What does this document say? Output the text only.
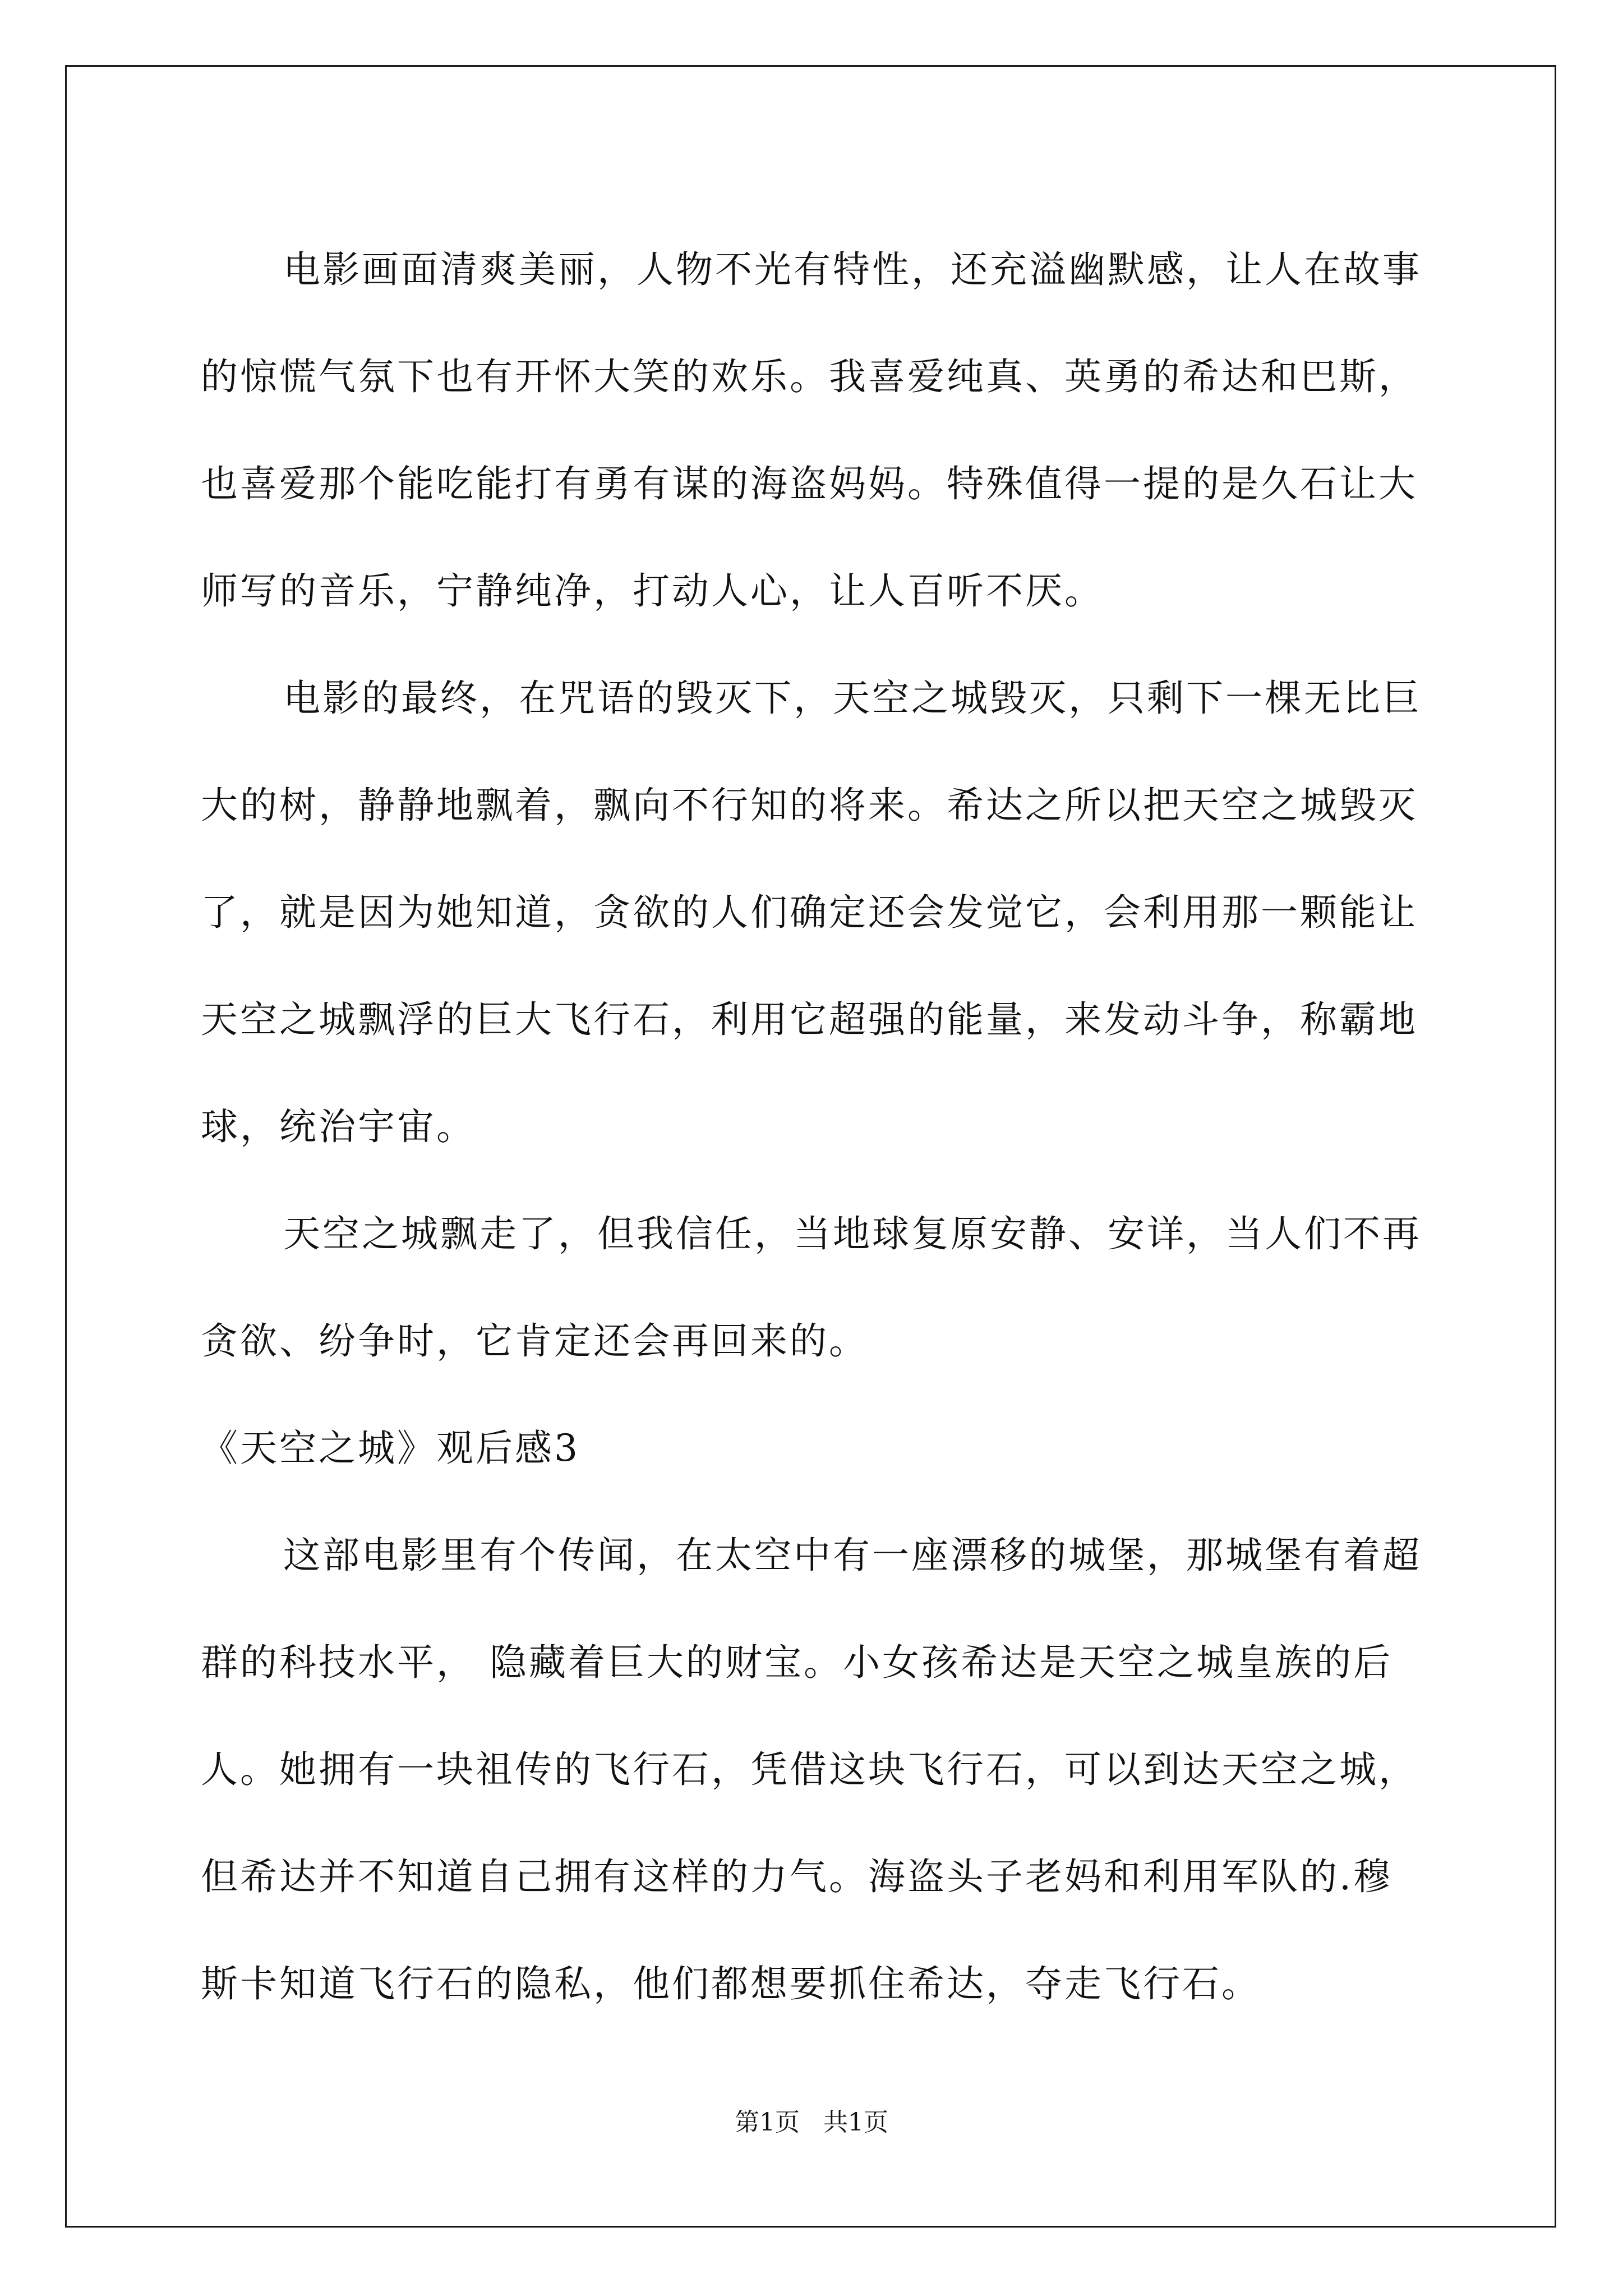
电影画面清爽美丽，人物不光有特性，还充溢幽默感，让人在故事的惊慌气氛下也有开怀大笑的欢乐。我喜爱纯真、英勇的希达和巴斯，也喜爱那个能吃能打有勇有谋的海盗妈妈。特殊值得一提的是久石让大师写的音乐，宁静纯净，打动人心，让人百听不厌。

电影的最终，在咒语的毁灭下，天空之城毁灭，只剩下一棵无比巨大的树，静静地飘着，飘向不行知的将来。希达之所以把天空之城毁灭了，就是因为她知道，贪欲的人们确定还会发觉它，会利用那一颗能让天空之城飘浮的巨大飞行石，利用它超强的能量，来发动斗争，称霸地球，统治宇宙。

天空之城飘走了，但我信任，当地球复原安静、安详，当人们不再贪欲、纷争时，它肯定还会再回来的。

《天空之城》观后感3

这部电影里有个传闻，在太空中有一座漂移的城堡，那城堡有着超群的科技水平， 隐藏着巨大的财宝。小女孩希达是天空之城皇族的后人。她拥有一块祖传的飞行石，凭借这块飞行石，可以到达天空之城，但希达并不知道自己拥有这样的力气。海盗头子老妈和利用军队的.穆斯卡知道飞行石的隐私，他们都想要抓住希达，夺走飞行石。

第1页 共1页
